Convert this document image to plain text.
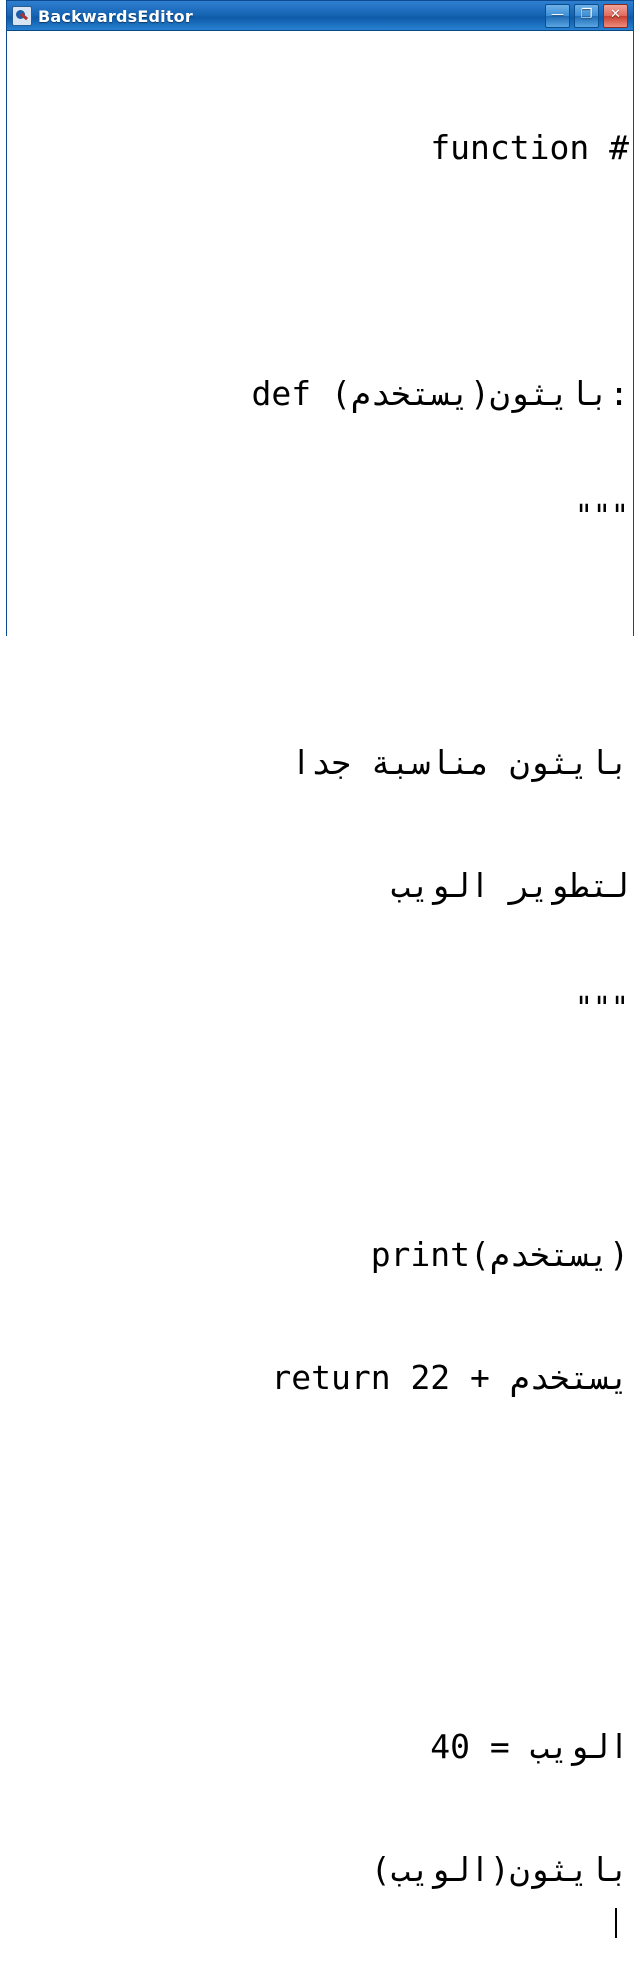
BackwardsEditor	—	❐	✕

function #

def بايثون(يستخدم):

"""

بايثون مناسبة جدا

لتطوير الويب

"""

print(يستخدم)

return يستخدم + 22

الويب = 40

بايثون(الويب)
